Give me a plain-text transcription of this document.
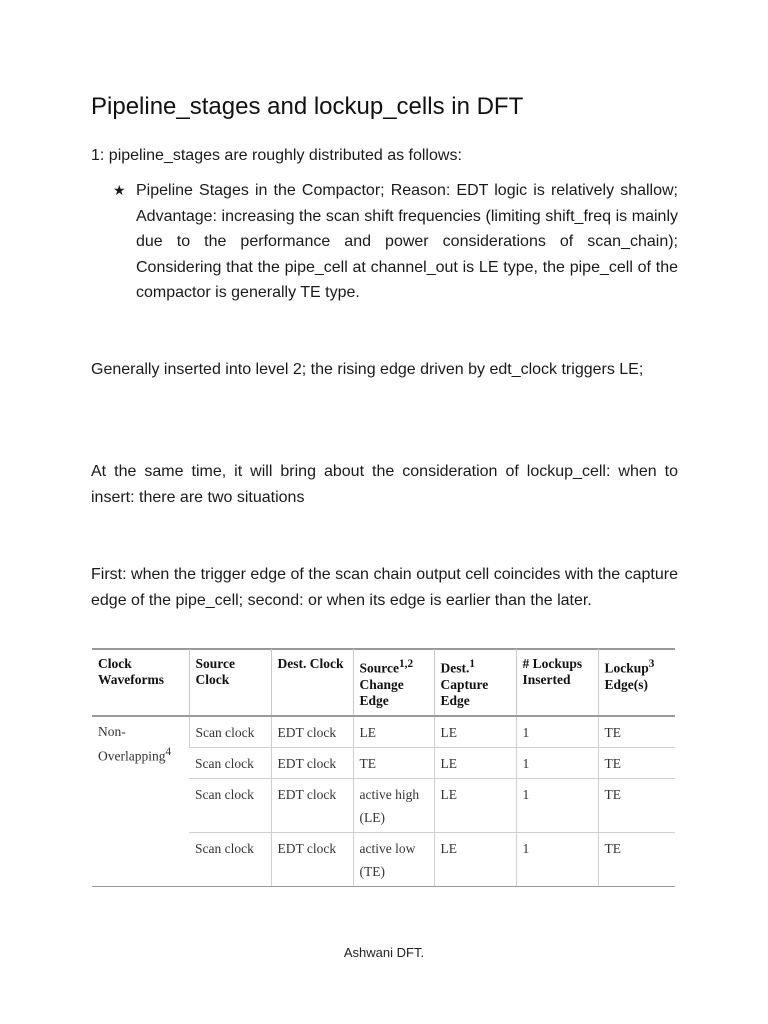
Pipeline_stages and lockup_cells in DFT

1: pipeline_stages are roughly distributed as follows:

★ Pipeline Stages in the Compactor; Reason: EDT logic is relatively shallow; Advantage: increasing the scan shift frequencies (limiting shift_freq is mainly due to the performance and power considerations of scan_chain); Considering that the pipe_cell at channel_out is LE type, the pipe_cell of the compactor is generally TE type.

Generally inserted into level 2; the rising edge driven by edt_clock triggers LE;

At the same time, it will bring about the consideration of lockup_cell: when to insert: there are two situations

First: when the trigger edge of the scan chain output cell coincides with the capture edge of the pipe_cell; second: or when its edge is earlier than the later.

Clock Waveforms	Source Clock	Dest. Clock	Source$^{1,2}$ Change Edge	Dest.$^1$ Capture Edge	# Lockups Inserted	Lockup$^3$ Edge(s)
Non-Overlapping$^4$	Scan clock	EDT clock	LE	LE	1	TE
	Scan clock	EDT clock	TE	LE	1	TE
	Scan clock	EDT clock	active high (LE)	LE	1	TE
	Scan clock	EDT clock	active low (TE)	LE	1	TE
Ashwani DFT.
